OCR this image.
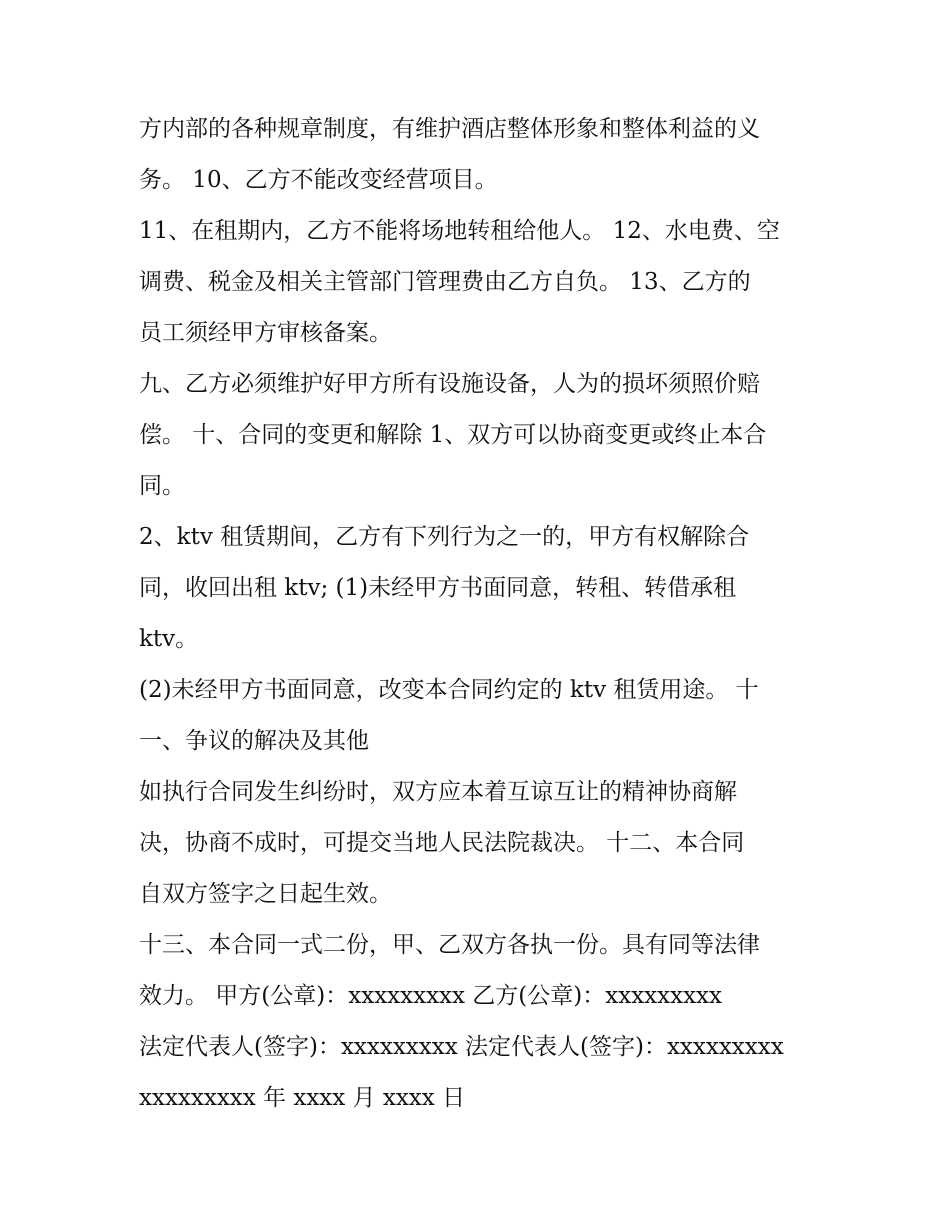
方内部的各种规章制度，有维护酒店整体形象和整体利益的义
务。 10、乙方不能改变经营项目。
11、在租期内，乙方不能将场地转租给他人。 12、水电费、空
调费、税金及相关主管部门管理费由乙方自负。 13、乙方的
员工须经甲方审核备案。
九、乙方必须维护好甲方所有设施设备，人为的损坏须照价赔
偿。 十、合同的变更和解除 1、双方可以协商变更或终止本合
同。
2、ktv 租赁期间，乙方有下列行为之一的，甲方有权解除合
同，收回出租 ktv; (1)未经甲方书面同意，转租、转借承租
ktv。
(2)未经甲方书面同意，改变本合同约定的 ktv 租赁用途。 十
一、争议的解决及其他
如执行合同发生纠纷时，双方应本着互谅互让的精神协商解
决，协商不成时，可提交当地人民法院裁决。 十二、本合同
自双方签字之日起生效。
十三、本合同一式二份，甲、乙双方各执一份。具有同等法律
效力。 甲方(公章)：xxxxxxxxx 乙方(公章)：xxxxxxxxx
法定代表人(签字)：xxxxxxxxx 法定代表人(签字)：xxxxxxxxx
xxxxxxxxx 年 xxxx 月 xxxx 日
